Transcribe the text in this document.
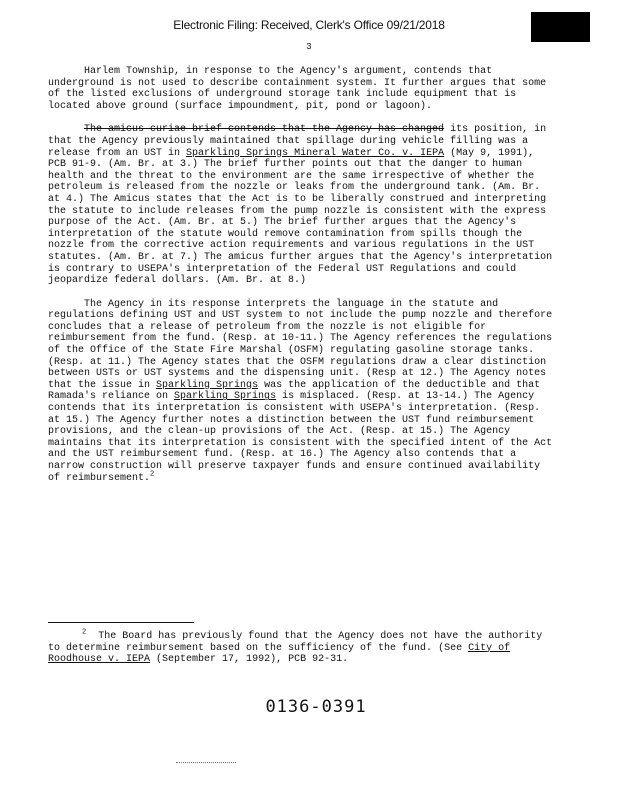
Electronic Filing: Received, Clerk's Office 09/21/2018
3

Harlem Township, in response to the Agency's argument, contends that underground is not used to describe containment system. It further argues that some of the listed exclusions of underground storage tank include equipment that is located above ground (surface impoundment, pit, pond or lagoon).

The amicus curiae brief contends that the Agency has changed its position, in that the Agency previously maintained that spillage during vehicle filling was a release from an UST in Sparkling Springs Mineral Water Co. v. IEPA (May 9, 1991), PCB 91-9. (Am. Br. at 3.) The brief further points out that the danger to human health and the threat to the environment are the same irrespective of whether the petroleum is released from the nozzle or leaks from the underground tank. (Am. Br. at 4.) The Amicus states that the Act is to be liberally construed and interpreting the statute to include releases from the pump nozzle is consistent with the express purpose of the Act. (Am. Br. at 5.) The brief further argues that the Agency's interpretation of the statute would remove contamination from spills though the nozzle from the corrective action requirements and various regulations in the UST statutes. (Am. Br. at 7.) The amicus further argues that the Agency's interpretation is contrary to USEPA's interpretation of the Federal UST Regulations and could jeopardize federal dollars. (Am. Br. at 8.)

The Agency in its response interprets the language in the statute and regulations defining UST and UST system to not include the pump nozzle and therefore concludes that a release of petroleum from the nozzle is not eligible for reimbursement from the fund. (Resp. at 10-11.) The Agency references the regulations of the Office of the State Fire Marshal (OSFM) regulating gasoline storage tanks. (Resp. at 11.) The Agency states that the OSFM regulations draw a clear distinction between USTs or UST systems and the dispensing unit. (Resp at 12.) The Agency notes that the issue in Sparkling Springs was the application of the deductible and that Ramada's reliance on Sparkling Springs is misplaced. (Resp. at 13-14.) The Agency contends that its interpretation is consistent with USEPA's interpretation. (Resp. at 15.) The Agency further notes a distinction between the UST fund reimbursement provisions, and the clean-up provisions of the Act. (Resp. at 15.) The Agency maintains that its interpretation is consistent with the specified intent of the Act and the UST reimbursement fund. (Resp. at 16.) The Agency also contends that a narrow construction will preserve taxpayer funds and ensure continued availability of reimbursement.$^2$

$^2$ The Board has previously found that the Agency does not have the authority to determine reimbursement based on the sufficiency of the fund. (See City of Roodhouse v. IEPA (September 17, 1992), PCB 92-31.
0136-0391
